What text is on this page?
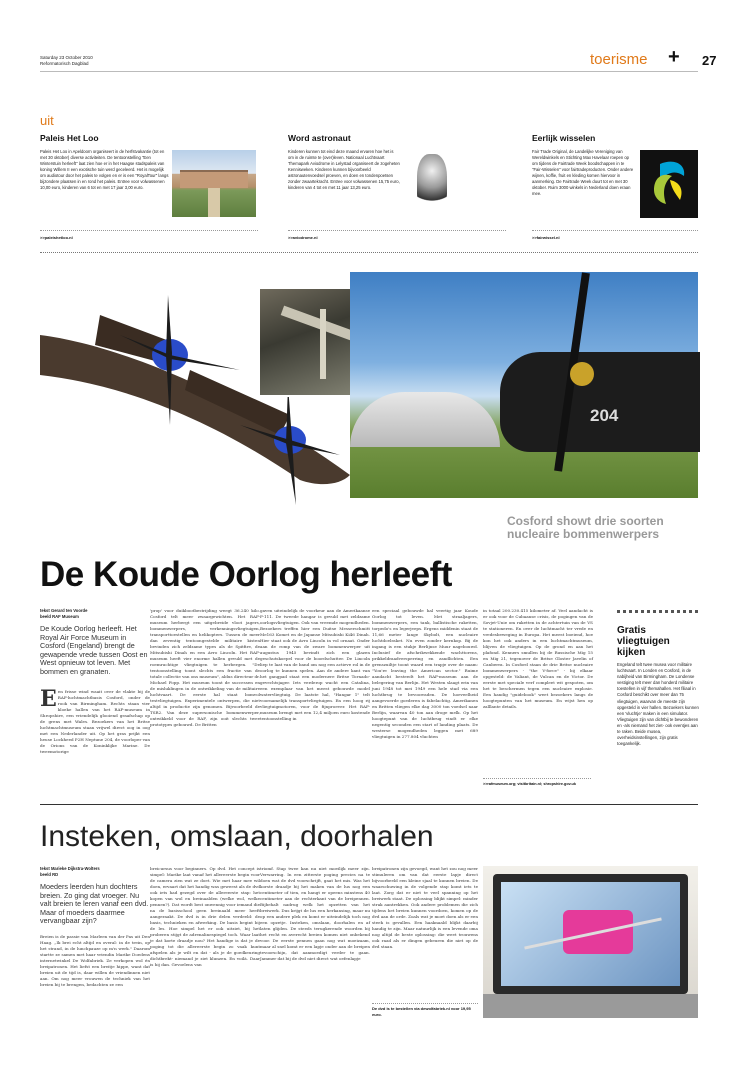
Saturday 23 October 2010
Reformatorisch Dagblad	toerisme + 27
uit
Paleis Het Loo
Paleis Het Loo in Apeldoorn organiseert in de herfstvakantie (tot en met 30 oktober) diverse activiteiten. De tentoonstelling "Een Winterstuin herleeft" laat zien hoe er in het Haagse stadspaleis van koning Willem II een exotische tuin werd geceleerd. Het is mogelijk om audiotour door het paleis te volgen en er is een "RoyalTour" langs bijzondere plaatsen in en rond het paleis. Entree voor volwassenen 10,00 euro, kinderen van 6 tot en met 17 jaar 3,00 euro.
>>paleishetloo.nl
Word astronaut
Kinderen kunnen tot eind deze maand ervaren hoe het is om in de ruimte te (over)leven. Nationaal Luchtvaart Themapark Aviodrome in Lelystad organiseert de zogeheten Kennisweken. Kinderen kunnen bijvoorbeeld astronautenvoedsel proeven, en doen en tondenpoetsen zonder zwaartekracht. Entree voor volwassenen 15,75 euro, kinderen van 4 tot en met 11 jaar 13,25 euro.
>>aviodrome.nl
Eerlijk wisselen
Fair Trade Original, de Landelijke Vereniging van Wereldwinkels en Stichting Max Havelaar roepen op om tijdens de Fairtrade Week boodschappen in te "Fair-Wisselen" voor fairtradeproducten. Onder andere wijnen, koffie, fruit en kleding komen hiervoor in aanmerking. De Fairtrade Week duurt tot en met 30 oktober. Ruim 3000 winkels in Nederland doen eraan mee.
>>fairwissel.nl
204
Cosford showt drie soorten nucleaire bommenwerpers
De Koude Oorlog herleeft
tekst Gerard ten Voorde
beeld RAF Museum
De Koude Oorlog herleeft. Het Royal Air Force Museum in Cosford (Engeland) brengt de gewapende vrede tussen Oost en West opnieuw tot leven. Met bommen en granaten.
Een frisse wind waait over de vlakte bij de RAF-luchtmachtbasis Cosford, onder de rook van Birmingham. Rechts staan vier kloeke hallen van het RAF-museum in Shropshire, een vriendelijk glooiend graafschap op de grens met Wales. Bezoekers van het Britse luchtmachtmuseum staan vrijwel direct oog in oog met een Nederlander uit. Op het gras prijkt een heuse Lockheed P2H Neptune 204, de voorloper van de Orions van de Koninklijke Marine. De tweemotorige
'prop' voor duikbootbestrijding weegt 36.240 kilo. Cosford telt meer zwaargewichten. Het RAF-museum herbergt een uitgebreide vloot jagers, bommenwerpers, verkenningsvliegtuigen, transporttoestellen en helikopters. Tussen de meer dan zeventig tentoongestelde militaire kisten bevinden zich zeldzame types als de Spitfire, de Mitsubishi Dinah en een Avro Lincoln. Het RAF-museum heeft vier enorme hallen gevuld met de roemruchtige vliegtuigen te herbergen. "De tentoonstelling toont slechts een fractie van de totale collectie van ons museum", aldus directeur dr. Michael Fopp. Het museum toont de successen en de misluklingen in de ontwikkeling van de militaire luchtvaart. De eerste hal staat bomvol testvliegtuigen. Experimentele ontwerpen, die niet altijd in productie zijn genomen. Bijvoorbeeld de TSR2. Van deze supersonische bommenwerper, ontwikkeld voor de RAF, zijn ooit slechts twee prototypes gebouwd. De Britten
gaven uiteindelijk de voorkeur aan de Amerikaanse F-111. De tweede hangar is gevuld met zeldzame oorlogsvliegtuigen. Ook van vreemde mogendheden. Bezoekers treffen hier een Duitse Messerschmitt Me163 Komet en de Japanse Mitsubishi Ki46 Dinah. Hier staat ook de Avro Lincoln in vol ornaat. Onder aan de romp van de zware bommenwerper uit augustus 1945 bevindt zich een glazen geschutskoepel voor de boordschutter. De Lincoln liep te laat van de band om nog een actieve rol in de oorlog te kunnen spelen. Aan de andere kant van het gangpad staat een modernere Britse Tornado-gevechtsjager. Iets verderop wacht een Catalina, een exemplaar van het meest gebouwde model watervliegtuig. De laatste hal, "Hangar 1" telt voornamelijk transportvliegtuigen. En een hoog rij vliegtuigmotoren, voor de fijnproever. Het RAF-museum brengt met een 12,4 miljoen euro kostende tentoonstelling in
een speciaal gebouwde hal veertig jaar Koude Oorlog tot leven. Met straaljagers, bommenwerpers, een tank, ballistische raketten, torpedo's en legerjeeps. Ergens middenin staat de 11,66 meter lange Skybolt, een nucleaire luchtdoelraket. Nu even zonder kernkop. Bij de ingang is een stukje Berlijnse Muur nagebouwd. Inclusief de afschrikwekkende wachttorens, prikkeldraadversperring en zandlichten. Een grenszuiltje toont waard een trapje over de naam: "You're leaving the American sector." Ruime aandacht besteedt het RAF-museum aan de belegering van Berlijn. Het Westen slaagt erin van juni 1948 tot mei 1949 een hele stad via een luchtbrug te bevoorraden. De hoeveelheid aangevoerde goederen is fabelachtig. Amerikanen en Britten vliegen elke dag 3000 ton voedsel naar Berlijn, waarvan 40 ton aan droge melk. Op het hoogtepunt van de luchtbrug vindt er elke negentig seconden een start of landing plaats. De westerse mogendheden leggen met 689 vliegtuigen in 277.804 vluchten
in totaal 200.230.415 kilometer af. Veel aandacht is er ook voor de Cubaanse crisis, de pogingen van de Sovjet-Unie om raketten in de achtertuin van de VS te stationeren. En over de luchtmacht ter vrede en vredesbeweging in Europa. Het meest boeiend, hoe kon het ook anders in een luchtmachtmuseum, blijven de vliegtuigen. Op de grond en aan het plafond. Kenners smullen bij de Russische Mig 15 en Mig 21, tegenover de Britse Gloster Javelin of Canberra. In Cosford staan de drie Britse nucleaire bommenwerpers - "the V-force" - bij elkaar opgesteld: de Valiant, de Vulcan en de Victor. De eerste met speciale verf compleet wit gespoten, om het te beschermen tegen een nucleaire explosie. Een handig "guidebook" weet bezoekers langs de hoogtepunten van het museum. En wijst hen op zalllante details.
>>rafmuseum.org; visitbritain.nl; shropshire.gov.uk
Gratis vliegtuigen kijken
Engeland telt twee musea voor militaire luchtvaart. In Londen en Cosford, in de nabijheid van Birmingham. De Londense vestiging telt meer dan honderd militaire toestellen in vijf themahallen. Het filiaal in Cosford beschikt over meer dan 75 vliegtuigen, waarvan de meeste zijn opgesteld in vier hallen. Bezoekers kunnen een 'vluchtje' maken in een simulator. Vliegtuigen zijn van dichtbij te bewonderen en -als niemand het ziet- ook eventjes aan te raken. Beide musea, overheidsinstellingen, zijn gratis toegankelijk.
Insteken, omslaan, doorhalen
tekst Marieke Dijkstra-Wolters
beeld RD
Moeders leerden hun dochters breien. Zo ging dat vroeger. Nu valt breien te leren vanaf een dvd. Maar of moeders daarmee vervangbaar zijn?
Breien is de passie van Marleen van der Pas uit Den Haag. „Ik brei echt altijd en overal: in de trein, op het strand, in de lunchpauze op m'n werk." Daarom startte ze samen met haar vriendin Marike Doedens internetwinkel De Wolfabriek. Ze verkopen wol én breipatronen. Het liefst een breitje hippe, want dat breien uit de tijd is, daar willen de vriendinnen niet aan. Om nog meer vrouwen de techniek van het breien bij te brengen, bedachten ze een
breicursus voor beginners. Op dvd. Het concept is simpel: Marike laat vanaf het allereerste begin voor de camera zien wat ze doet. Wie met haar mee wil doen, ervaart dat het handig was geweest als de dvd ook iets had gezegd over de allereerste stap: het kopen van wol en breinaalden (welke wol, welke pennen?). Dat wordt best onwennig voor iemand die na de basisschool geen breinaald meer heeft aangeraakt. De dvd is in drie delen verdeeld: de basis, technieken en afwerking. De basis begint bij de les. Hoe simpel het er ook uitziet, bij het proberen stijgt de adrenalinespiegel toch. Waar laat je dat korte draadje nou? Het handige is dat je de poging tot die allereerste begin zo vaak kunt afspelen als je wilt en dat - als je de goedkeuring dichtbrekt- niemand je ziet klunzen. En voilà. Daar is hij dan. Gevoelens van
triomf. Stap twee kan nu niet moeilijk meer zijn. Verwarring. In een zitterste poging precies na te doen wat de dvd voorschrijft, gaat het mis. Was het korste draadje bij het maken van de lus nog een centimeter of tien, en hangt er opeens minstens 40 centimeter aan de rechterkant van de breipennen. Bijbehalt nadrug welk het opzetten van het breiwerk. Dus krijgt de lus een herkansing, maar nu op een andere plek en komt er uiteindelijk toch nog een opzetje. Insteken, omslaan, doorhalen en af laten glijden. De steeds terugkerende woorden bij het recht en averecht breien komen niet onbekend voor. De eerste pennen gaan nog wat moeizaam, maar al snel komt er een lapje onder aan de breipen tevoorschijn, dat aanmoedigt verder te gaan. Jammer dat bij de dvd niet direct wat oefenlapje
breipatronen zijn gevoegd, want het zou nog meer stimuleren om van dat eerste lapje direct bijvoorbeeld een kleine sjaal te kunnen breien. De waarschuwing in de volgende stap komt iets te laat. Zorg dat er niet te veel spanning op het breiwerk staat. De oplossing blijkt simpel: minder strak aantrekken. Ook andere problemen die zich tijdens het breien kunnen voordoen, komen op de dvd aan de orde. Zoals wat je moet doen als er een steek is gevallen. Een haaknaald blijkt daarbij handig te zijn. Maar natuurlijk is een levende oma nog altijd de beste oplossing: die weet trouwens ook raad als er dingen gebeuren die niet op de dvd staan.
De dvd is te bestellen via dewolfabriek.nl voor 19,95 euro.
